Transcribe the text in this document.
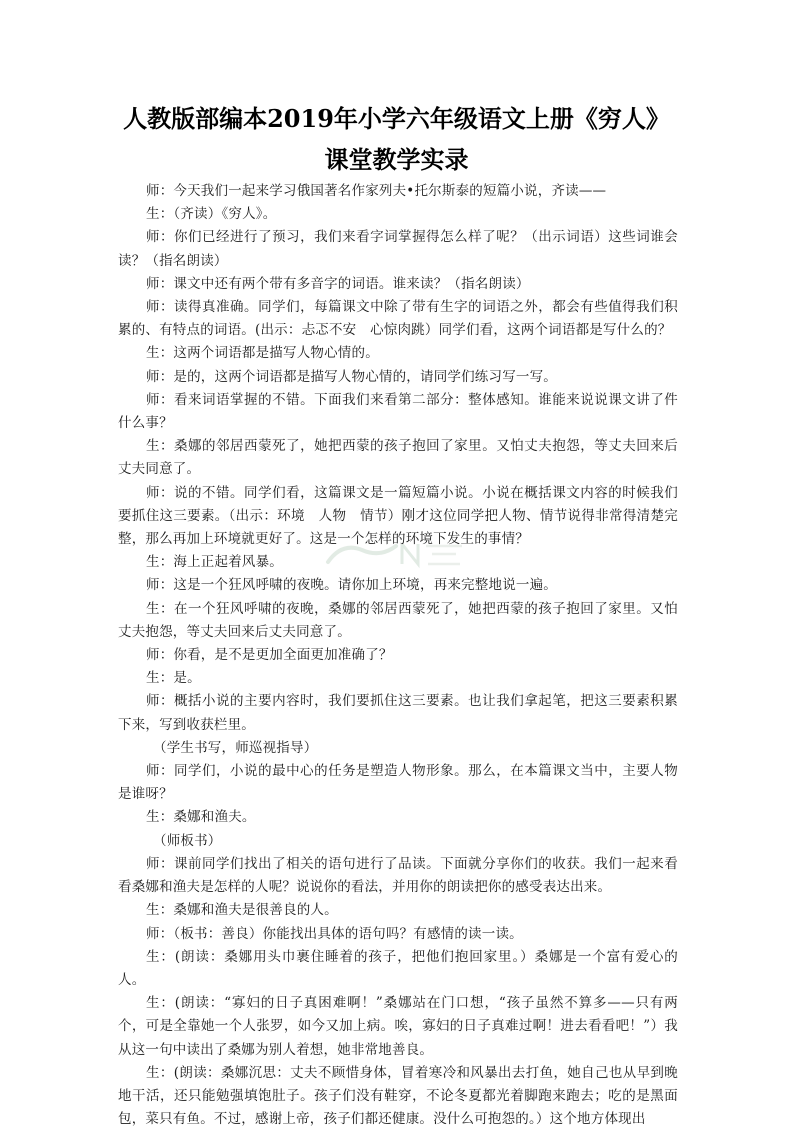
人教版部编本2019年小学六年级语文上册《穷人》
课堂教学实录

师：今天我们一起来学习俄国著名作家列夫•托尔斯泰的短篇小说，齐读——

生：（齐读）《穷人》。

师：你们已经进行了预习，我们来看字词掌握得怎么样了呢？（出示词语）这些词谁会读？（指名朗读）

师：课文中还有两个带有多音字的词语。谁来读？（指名朗读）

师：读得真准确。同学们，每篇课文中除了带有生字的词语之外，都会有些值得我们积累的、有特点的词语。(出示：忐忑不安　心惊肉跳）同学们看，这两个词语都是写什么的？

生：这两个词语都是描写人物心情的。

师：是的，这两个词语都是描写人物心情的，请同学们练习写一写。

师：看来词语掌握的不错。下面我们来看第二部分：整体感知。谁能来说说课文讲了件什么事？

生：桑娜的邻居西蒙死了，她把西蒙的孩子抱回了家里。又怕丈夫抱怨，等丈夫回来后丈夫同意了。

师：说的不错。同学们看，这篇课文是一篇短篇小说。小说在概括课文内容的时候我们要抓住这三要素。（出示：环境　人物　情节）刚才这位同学把人物、情节说得非常得清楚完整，那么再加上环境就更好了。这是一个怎样的环境下发生的事情？

生：海上正起着风暴。

师：这是一个狂风呼啸的夜晚。请你加上环境，再来完整地说一遍。

生：在一个狂风呼啸的夜晚，桑娜的邻居西蒙死了，她把西蒙的孩子抱回了家里。又怕丈夫抱怨，等丈夫回来后丈夫同意了。

师：你看，是不是更加全面更加准确了？

生：是。

师：概括小说的主要内容时，我们要抓住这三要素。也让我们拿起笔，把这三要素积累下来，写到收获栏里。

（学生书写，师巡视指导）

师：同学们，小说的最中心的任务是塑造人物形象。那么，在本篇课文当中，主要人物是谁呀？

生：桑娜和渔夫。

（师板书）

师：课前同学们找出了相关的语句进行了品读。下面就分享你们的收获。我们一起来看看桑娜和渔夫是怎样的人呢？说说你的看法，并用你的朗读把你的感受表达出来。

生：桑娜和渔夫是很善良的人。

师：（板书：善良）你能找出具体的语句吗？有感情的读一读。

生：(朗读：桑娜用头巾裹住睡着的孩子，把他们抱回家里。）桑娜是一个富有爱心的人。

生：(朗读：“寡妇的日子真困难啊！”桑娜站在门口想，“孩子虽然不算多——只有两个，可是全靠她一个人张罗，如今又加上病。唉，寡妇的日子真难过啊！进去看看吧！”）我从这一句中读出了桑娜为别人着想，她非常地善良。

生：(朗读：桑娜沉思：丈夫不顾惜身体，冒着寒冷和风暴出去打鱼，她自己也从早到晚地干活，还只能勉强填饱肚子。孩子们没有鞋穿，不论冬夏都光着脚跑来跑去；吃的是黑面包，菜只有鱼。不过，感谢上帝，孩子们都还健康。没什么可抱怨的。）这个地方体现出
